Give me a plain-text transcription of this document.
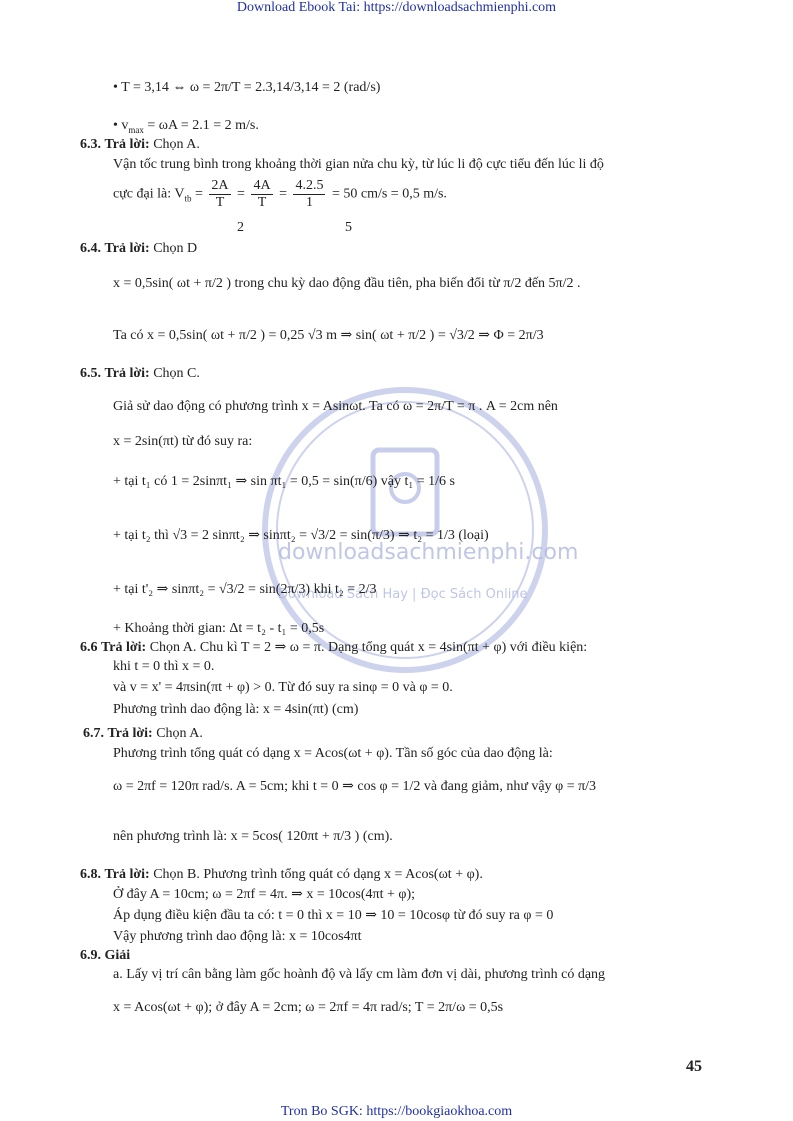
Download Ebook Tai: https://downloadsachmienphi.com
downloadsachmienphi.com
Download Sách Hay | Đọc Sách Online
• T = 3,14 ⇔ ω = 2π/T = 2.3,14/3,14 = 2 (rad/s)
• $v_{max} = \omega A = 2.1 = 2$ m/s.
6.3. Trả lời: Chọn A.
Vận tốc trung bình trong khoảng thời gian nửa chu kỳ, từ lúc li độ cực tiểu đến lúc li độ
cực đại là: $V_{tb} = \frac{2A}{T} = \frac{4A}{T} = \frac{4.2.5}{1} = 50$ cm/s = 0,5 m/s.
2	5
6.4. Trả lời: Chọn D
x = 0,5sin( ωt + π/2 ) trong chu kỳ dao động đầu tiên, pha biến đổi từ π/2 đến 5π/2 .
Ta có x = 0,5sin( ωt + π/2 ) = 0,25 √3 m ⇒ sin( ωt + π/2 ) = √3/2 ⇒ Φ = 2π/3
6.5. Trả lời: Chọn C.
Giả sử dao động có phương trình x = Asinωt. Ta có ω = 2π/T = π . A = 2cm nên
x = 2sin(πt) từ đó suy ra:
+ tại t₁ có 1 = 2sinπt₁ ⇒ sin πt₁ = 0,5 = sin(π/6) vậy t₁ = 1/6 s
+ tại t₂ thì √3 = 2 sinπt₂ ⇒ sinπt₂ = √3/2 = sin(π/3) ⇒ t₂ = 1/3 (loại)
+ tại t'₂ ⇒ sinπt₂ = √3/2 = sin(2π/3) khi t₂ = 2/3
+ Khoảng thời gian: Δt = t₂ - t₁ = 0,5s
6.6 Trả lời: Chọn A. Chu kì T = 2 ⇒ ω = π. Dạng tổng quát x = 4sin(πt + φ) với điều kiện:
khi t = 0 thì x = 0.
và v = x' = 4πsin(πt + φ) > 0. Từ đó suy ra sinφ = 0 và φ = 0.
Phương trình dao động là: x = 4sin(πt) (cm)
6.7. Trả lời: Chọn A.
Phương trình tổng quát có dạng x = Acos(ωt + φ). Tần số góc của dao động là:
ω = 2πf = 120π rad/s. A = 5cm; khi t = 0 ⇒ cos φ = 1/2 và đang giảm, như vậy φ = π/3
nên phương trình là: x = 5cos( 120πt + π/3 ) (cm).
6.8. Trả lời: Chọn B. Phương trình tổng quát có dạng x = Acos(ωt + φ).
Ở đây A = 10cm; ω = 2πf = 4π. ⇒ x = 10cos(4πt + φ);
Áp dụng điều kiện đầu ta có: t = 0 thì x = 10 ⇒ 10 = 10cosφ từ đó suy ra φ = 0
Vậy phương trình dao động là: x = 10cos4πt
6.9. Giải
a. Lấy vị trí cân bằng làm gốc hoành độ và lấy cm làm đơn vị dài, phương trình có dạng
x = Acos(ωt + φ); ở đây A = 2cm; ω = 2πf = 4π rad/s; T = 2π/ω = 0,5s
45
Tron Bo SGK: https://bookgiaokhoa.com
